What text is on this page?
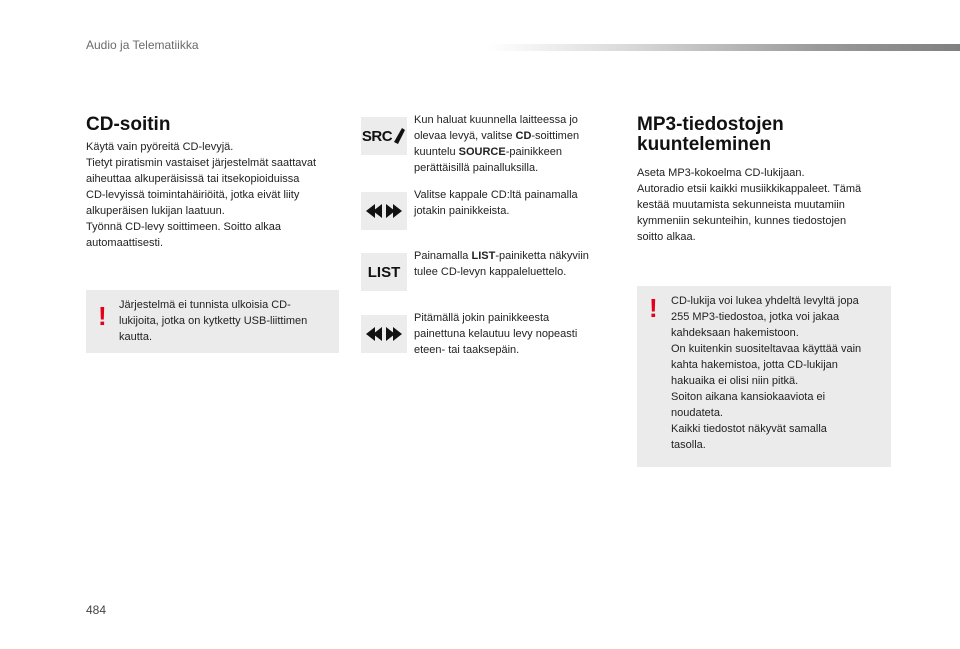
Audio ja Telematiikka
CD-soitin

Käytä vain pyöreitä CD-levyjä.

Tietyt piratismin vastaiset järjestelmät saattavat

aiheuttaa alkuperäisissä tai itsekopioiduissa

CD-levyissä toimintahäiriöitä, jotka eivät liity

alkuperäisen lukijan laatuun.

Työnnä CD-levy soittimeen. Soitto alkaa

automaattisesti.

! Järjestelmä ei tunnista ulkoisia CD-

lukijoita, jotka on kytketty USB-liittimen

kautta.

SRC

Kun haluat kuunnella laitteessa jo

olevaa levyä, valitse CD-soittimen

kuuntelu SOURCE-painikkeen

perättäisillä painalluksilla.

Valitse kappale CD:ltä painamalla

jotakin painikkeista.

LIST

Painamalla LIST-painiketta näkyviin

tulee CD-levyn kappaleluettelo.

Pitämällä jokin painikkeesta

painettuna kelautuu levy nopeasti

eteen- tai taaksepäin.

MP3-tiedostojen
kuunteleminen

Aseta MP3-kokoelma CD-lukijaan.

Autoradio etsii kaikki musiikkikappaleet. Tämä

kestää muutamista sekunneista muutamiin

kymmeniin sekunteihin, kunnes tiedostojen

soitto alkaa.

! CD-lukija voi lukea yhdeltä levyltä jopa

255 MP3-tiedostoa, jotka voi jakaa

kahdeksaan hakemistoon.

On kuitenkin suositeltavaa käyttää vain

kahta hakemistoa, jotta CD-lukijan

hakuaika ei olisi niin pitkä.

Soiton aikana kansiokaaviota ei

noudateta.

Kaikki tiedostot näkyvät samalla

tasolla.

484
